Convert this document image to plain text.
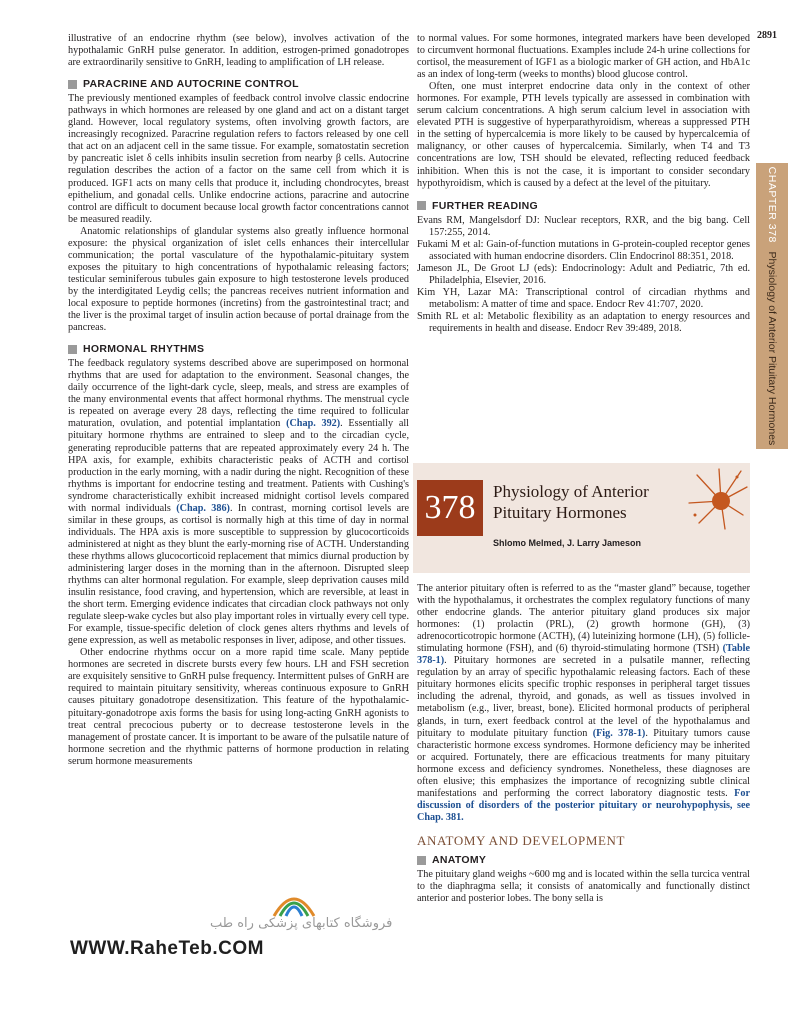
2891

illustrative of an endocrine rhythm (see below), involves activation of the hypothalamic GnRH pulse generator. In addition, estrogen-primed gonadotropes are extraordinarily sensitive to GnRH, leading to amplification of LH release.

PARACRINE AND AUTOCRINE CONTROL

The previously mentioned examples of feedback control involve classic endocrine pathways in which hormones are released by one gland and act on a distant target gland. However, local regulatory systems, often involving growth factors, are increasingly recognized. Paracrine regulation refers to factors released by one cell that act on an adjacent cell in the same tissue. For example, somatostatin secretion by pancreatic islet δ cells inhibits insulin secretion from nearby β cells. Autocrine regulation describes the action of a factor on the same cell from which it is produced. IGF1 acts on many cells that produce it, including chondrocytes, breast epithelium, and gonadal cells. Unlike endocrine actions, paracrine and autocrine control are difficult to document because local growth factor concentrations cannot be measured readily.

Anatomic relationships of glandular systems also greatly influence hormonal exposure: the physical organization of islet cells enhances their intercellular communication; the portal vasculature of the hypothalamic-pituitary system exposes the pituitary to high concentrations of hypothalamic releasing factors; testicular seminiferous tubules gain exposure to high testosterone levels produced by the interdigitated Leydig cells; the pancreas receives nutrient information and local exposure to peptide hormones (incretins) from the gastrointestinal tract; and the liver is the proximal target of insulin action because of portal drainage from the pancreas.

HORMONAL RHYTHMS

The feedback regulatory systems described above are superimposed on hormonal rhythms that are used for adaptation to the environment. Seasonal changes, the daily occurrence of the light-dark cycle, sleep, meals, and stress are examples of the many environmental events that affect hormonal rhythms. The menstrual cycle is repeated on average every 28 days, reflecting the time required to follicular maturation, ovulation, and potential implantation (Chap. 392). Essentially all pituitary hormone rhythms are entrained to sleep and to the circadian cycle, generating reproducible patterns that are repeated approximately every 24 h. The HPA axis, for example, exhibits characteristic peaks of ACTH and cortisol production in the early morning, with a nadir during the night. Recognition of these rhythms is important for endocrine testing and treatment. Patients with Cushing's syndrome characteristically exhibit increased midnight cortisol levels compared with normal individuals (Chap. 386). In contrast, morning cortisol levels are similar in these groups, as cortisol is normally high at this time of day in normal individuals. The HPA axis is more susceptible to suppression by glucocorticoids administered at night as they blunt the early-morning rise of ACTH. Understanding these rhythms allows glucocorticoid replacement that mimics diurnal production by administering larger doses in the morning than in the afternoon. Disrupted sleep rhythms can alter hormonal regulation. For example, sleep deprivation causes mild insulin resistance, food craving, and hypertension, which are reversible, at least in the short term. Emerging evidence indicates that circadian clock pathways not only regulate sleep-wake cycles but also play important roles in virtually every cell type. For example, tissue-specific deletion of clock genes alters rhythms and levels of gene expression, as well as metabolic responses in liver, adipose, and other tissues.

Other endocrine rhythms occur on a more rapid time scale. Many peptide hormones are secreted in discrete bursts every few hours. LH and FSH secretion are exquisitely sensitive to GnRH pulse frequency. Intermittent pulses of GnRH are required to maintain pituitary sensitivity, whereas continuous exposure to GnRH causes pituitary gonadotrope desensitization. This feature of the hypothalamic-pituitary-gonadotrope axis forms the basis for using long-acting GnRH agonists to treat central precocious puberty or to decrease testosterone levels in the management of prostate cancer. It is important to be aware of the pulsatile nature of hormone secretion and the rhythmic patterns of hormone production in relating serum hormone measurements

to normal values. For some hormones, integrated markers have been developed to circumvent hormonal fluctuations. Examples include 24-h urine collections for cortisol, the measurement of IGF1 as a biologic marker of GH action, and HbA1c as an index of long-term (weeks to months) blood glucose control.

Often, one must interpret endocrine data only in the context of other hormones. For example, PTH levels typically are assessed in combination with serum calcium concentrations. A high serum calcium level in association with elevated PTH is suggestive of hyperparathyroidism, whereas a suppressed PTH in the setting of hypercalcemia is more likely to be caused by hypercalcemia of malignancy, or other causes of hypercalcemia. Similarly, when T4 and T3 concentrations are low, TSH should be elevated, reflecting reduced feedback inhibition. When this is not the case, it is important to consider secondary hypothyroidism, which is caused by a defect at the level of the pituitary.

FURTHER READING

Evans RM, Mangelsdorf DJ: Nuclear receptors, RXR, and the big bang. Cell 157:255, 2014.

Fukami M et al: Gain-of-function mutations in G-protein-coupled receptor genes associated with human endocrine disorders. Clin Endocrinol 88:351, 2018.

Jameson JL, De Groot LJ (eds): Endocrinology: Adult and Pediatric, 7th ed. Philadelphia, Elsevier, 2016.

Kim YH, Lazar MA: Transcriptional control of circadian rhythms and metabolism: A matter of time and space. Endocr Rev 41:707, 2020.

Smith RL et al: Metabolic flexibility as an adaptation to energy resources and requirements in health and disease. Endocr Rev 39:489, 2018.

CHAPTER 378   Physiology of Anterior Pituitary Hormones
378	Physiology of Anterior
Pituitary Hormones
Shlomo Melmed, J. Larry Jameson

The anterior pituitary often is referred to as the “master gland” because, together with the hypothalamus, it orchestrates the complex regulatory functions of many other endocrine glands. The anterior pituitary gland produces six major hormones: (1) prolactin (PRL), (2) growth hormone (GH), (3) adrenocorticotropic hormone (ACTH), (4) luteinizing hormone (LH), (5) follicle-stimulating hormone (FSH), and (6) thyroid-stimulating hormone (TSH) (Table 378-1). Pituitary hormones are secreted in a pulsatile manner, reflecting regulation by an array of specific hypothalamic releasing factors. Each of these pituitary hormones elicits specific trophic responses in peripheral target tissues including the adrenal, thyroid, and gonads, as well as tissues involved in metabolism (e.g., liver, breast, bone). Elicited hormonal products of peripheral glands, in turn, exert feedback control at the level of the hypothalamus and pituitary to modulate pituitary function (Fig. 378-1). Pituitary tumors cause characteristic hormone excess syndromes. Hormone deficiency may be inherited or acquired. Fortunately, there are efficacious treatments for many pituitary hormone excess and deficiency syndromes. Nonetheless, these diagnoses are often elusive; this emphasizes the importance of recognizing subtle clinical manifestations and performing the correct laboratory diagnostic tests. For discussion of disorders of the posterior pituitary or neurohypophysis, see Chap. 381.

ANATOMY AND DEVELOPMENT
ANATOMY

The pituitary gland weighs ~600 mg and is located within the sella turcica ventral to the diaphragma sella; it consists of anatomically and functionally distinct anterior and posterior lobes. The bony sella is

فروشگاه کتابهای پزشکی راه طب
WWW.RaheTeb.COM
